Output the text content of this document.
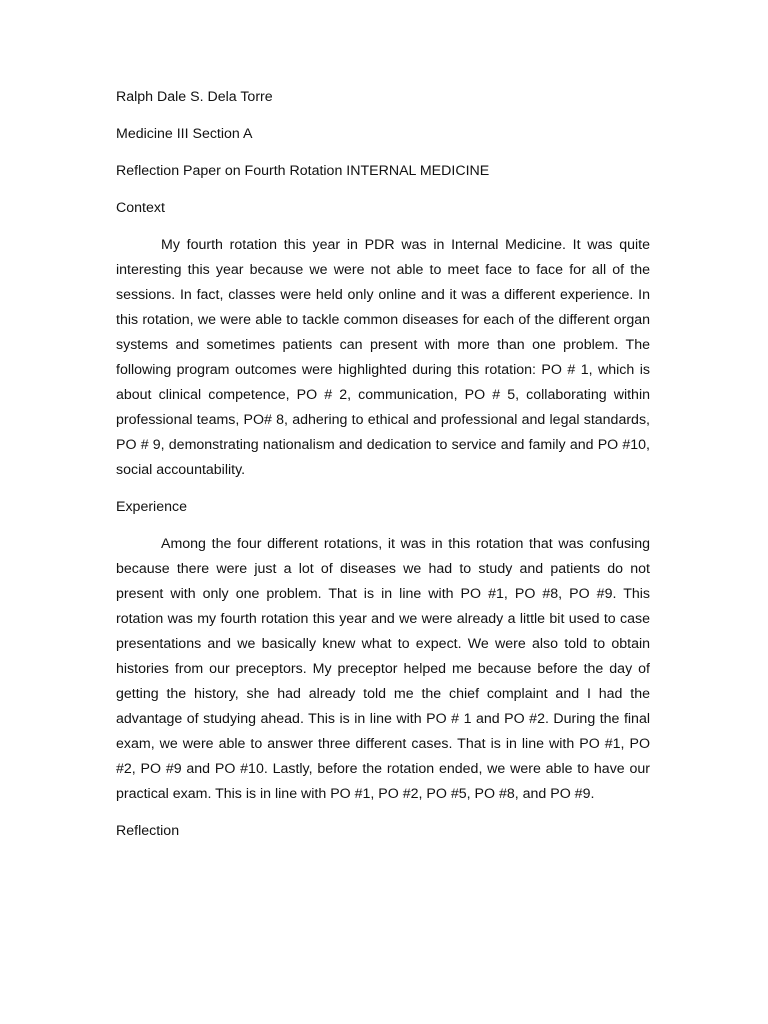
Ralph Dale S. Dela Torre
Medicine III Section A
Reflection Paper on Fourth Rotation INTERNAL MEDICINE
Context
My fourth rotation this year in PDR was in Internal Medicine. It was quite interesting this year because we were not able to meet face to face for all of the sessions. In fact, classes were held only online and it was a different experience. In this rotation, we were able to tackle common diseases for each of the different organ systems and sometimes patients can present with more than one problem. The following program outcomes were highlighted during this rotation: PO # 1, which is about clinical competence, PO # 2, communication, PO # 5, collaborating within professional teams, PO# 8, adhering to ethical and professional and legal standards, PO # 9, demonstrating nationalism and dedication to service and family and PO #10, social accountability.
Experience
Among the four different rotations, it was in this rotation that was confusing because there were just a lot of diseases we had to study and patients do not present with only one problem. That is in line with PO #1, PO #8, PO #9. This rotation was my fourth rotation this year and we were already a little bit used to case presentations and we basically knew what to expect. We were also told to obtain histories from our preceptors. My preceptor helped me because before the day of getting the history, she had already told me the chief complaint and I had the advantage of studying ahead. This is in line with PO # 1 and PO #2. During the final exam, we were able to answer three different cases. That is in line with PO #1, PO #2, PO #9 and PO #10. Lastly, before the rotation ended, we were able to have our practical exam. This is in line with PO #1, PO #2, PO #5, PO #8, and PO #9.
Reflection
